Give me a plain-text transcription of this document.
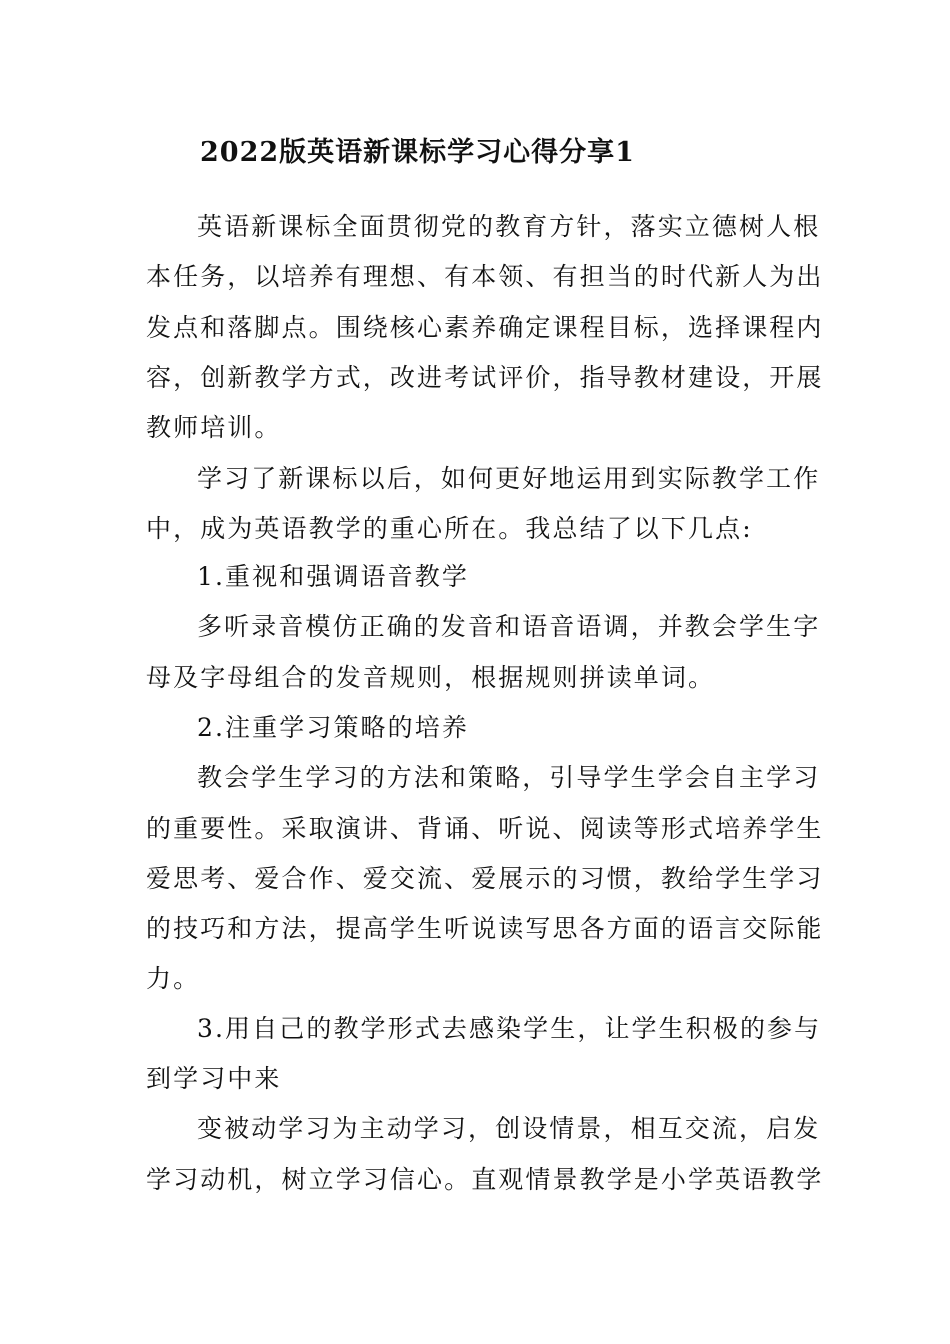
2022版英语新课标学习心得分享1

英语新课标全面贯彻党的教育方针，落实立德树人根

本任务，以培养有理想、有本领、有担当的时代新人为出

发点和落脚点。围绕核心素养确定课程目标，选择课程内

容，创新教学方式，改进考试评价，指导教材建设，开展

教师培训。

学习了新课标以后，如何更好地运用到实际教学工作

中，成为英语教学的重心所在。我总结了以下几点:

1.重视和强调语音教学

多听录音模仿正确的发音和语音语调，并教会学生字

母及字母组合的发音规则，根据规则拼读单词。

2.注重学习策略的培养

教会学生学习的方法和策略，引导学生学会自主学习

的重要性。采取演讲、背诵、听说、阅读等形式培养学生

爱思考、爱合作、爱交流、爱展示的习惯，教给学生学习

的技巧和方法，提高学生听说读写思各方面的语言交际能

力。

3.用自己的教学形式去感染学生，让学生积极的参与

到学习中来

变被动学习为主动学习，创设情景，相互交流，启发

学习动机，树立学习信心。直观情景教学是小学英语教学
